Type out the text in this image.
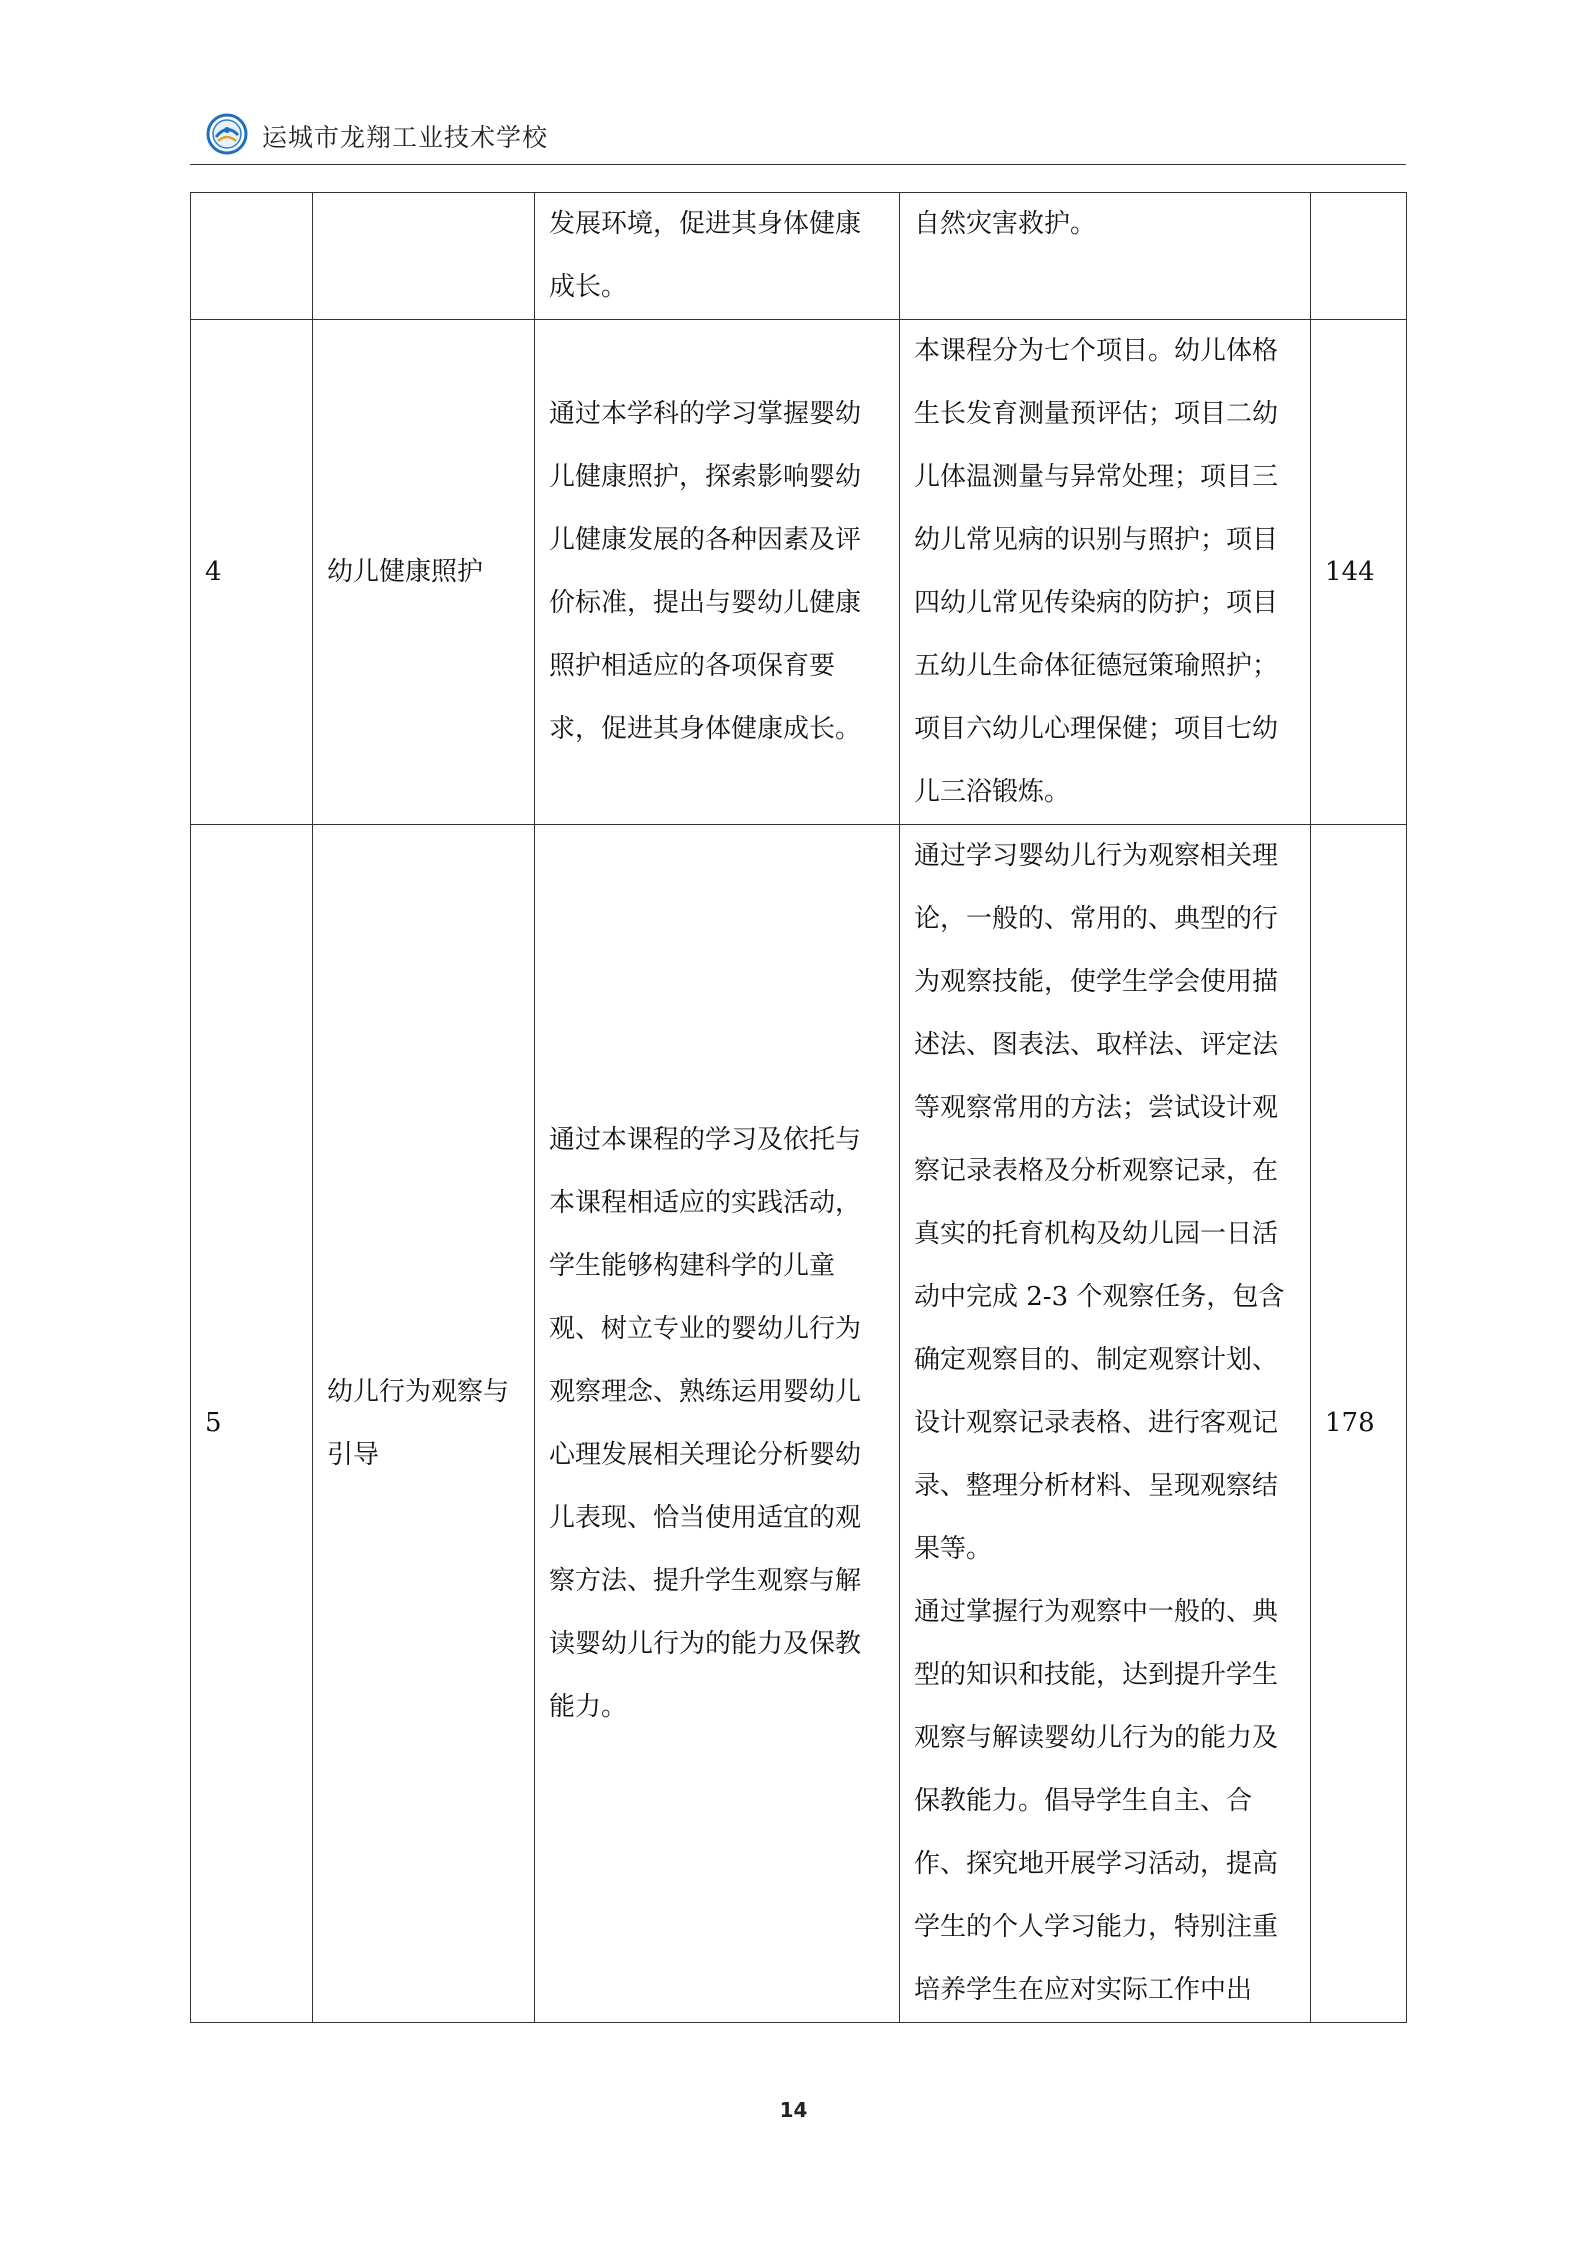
运城市龙翔工业技术学校
		发展环境，促进其身体健康成长。	自然灾害救护。	

4	幼儿健康照护	通过本学科的学习掌握婴幼儿健康照护，探索影响婴幼儿健康发展的各种因素及评价标准，提出与婴幼儿健康照护相适应的各项保育要求，促进其身体健康成长。	本课程分为七个项目。幼儿体格生长发育测量预评估；项目二幼儿体温测量与异常处理；项目三幼儿常见病的识别与照护；项目四幼儿常见传染病的防护；项目五幼儿生命体征德冠策瑜照护；项目六幼儿心理保健；项目七幼儿三浴锻炼。	144
5	幼儿行为观察与引导	通过本课程的学习及依托与本课程相适应的实践活动，学生能够构建科学的儿童观、树立专业的婴幼儿行为观察理念、熟练运用婴幼儿心理发展相关理论分析婴幼儿表现、恰当使用适宜的观察方法、提升学生观察与解读婴幼儿行为的能力及保教能力。	通过学习婴幼儿行为观察相关理论，一般的、常用的、典型的行为观察技能，使学生学会使用描述法、图表法、取样法、评定法等观察常用的方法；尝试设计观察记录表格及分析观察记录，在真实的托育机构及幼儿园一日活动中完成 2-3 个观察任务，包含确定观察目的、制定观察计划、设计观察记录表格、进行客观记录、整理分析材料、呈现观察结果等。
通过掌握行为观察中一般的、典型的知识和技能，达到提升学生观察与解读婴幼儿行为的能力及保教能力。倡导学生自主、合作、探究地开展学习活动，提高学生的个人学习能力，特别注重培养学生在应对实际工作中出	178
14
